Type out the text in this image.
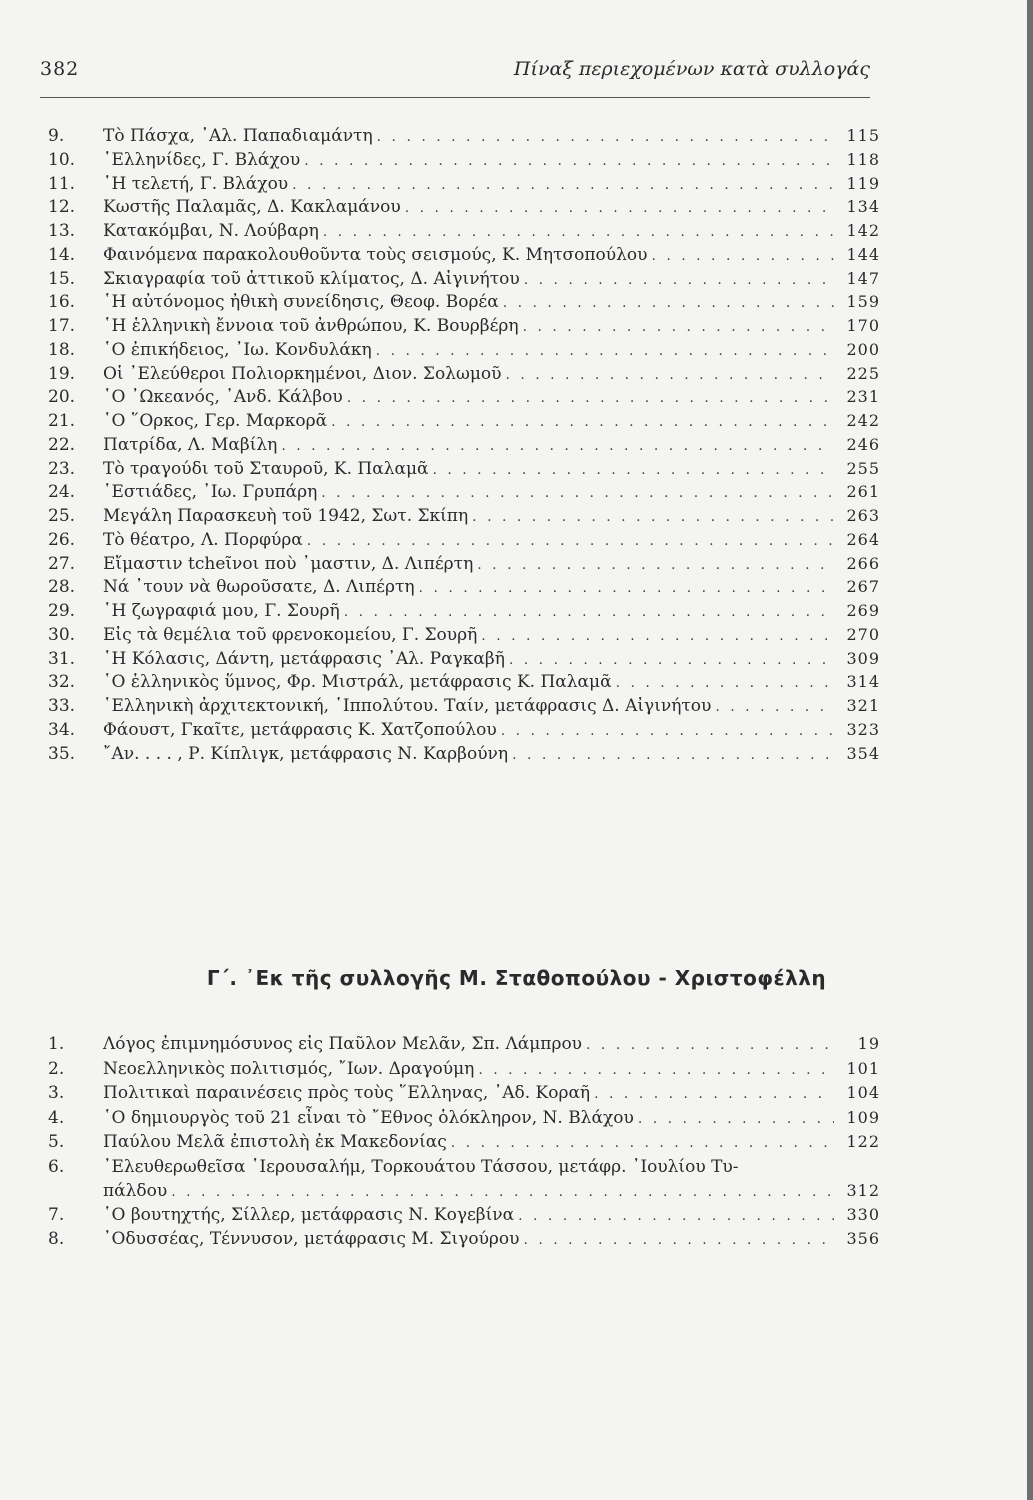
382	Πίναξ περιεχομένων κατὰ συλλογάς
9.	Τὸ Πάσχα, ᾿Αλ. Παπαδιαμάντη . . .	115
10.	῾Ελληνίδες, Γ. Βλάχου . . .	118
11.	῾Η τελετή, Γ. Βλάχου . . .	119
12.	Κωστῆς Παλαμᾶς, Δ. Κακλαμάνου . . .	134
13.	Κατακόμβαι, Ν. Λούβαρη . . .	142
14.	Φαινόμενα παρακολουθοῦντα τοὺς σεισμούς, Κ. Μητσοπούλου . . .	144
15.	Σκιαγραφία τοῦ ἀττικοῦ κλίματος, Δ. Αἰγινήτου . . .	147
16.	῾Η αὐτόνομος ἠθικὴ συνείδησις, Θεοφ. Βορέα . . .	159
17.	῾Η ἑλληνικὴ ἔννοια τοῦ ἀνθρώπου, Κ. Βουρβέρη . . .	170
18.	῾Ο ἐπικήδειος, ᾿Ιω. Κονδυλάκη . . .	200
19.	Οἱ ᾿Ελεύθεροι Πολιορκημένοι, Διον. Σολωμοῦ . . .	225
20.	῾Ο ᾿Ωκεανός, ᾿Ανδ. Κάλβου . . .	231
21.	῾Ο ῞Ορκος, Γερ. Μαρκορᾶ . . .	242
22.	Πατρίδα, Λ. Μαβίλη . . .	246
23.	Τὸ τραγούδι τοῦ Σταυροῦ, Κ. Παλαμᾶ . . .	255
24.	῾Εστιάδες, ᾿Ιω. Γρυπάρη . . .	261
25.	Μεγάλη Παρασκευὴ τοῦ 1942, Σωτ. Σκίπη . . .	263
26.	Τὸ θέατρο, Λ. Πορφύρα . . .	264
27.	Εἴμαστιν tcheῖνοι ποὺ ᾿μαστιν, Δ. Λιπέρτη . . .	266
28.	Νά ᾿τουν νὰ θωροῦσατε, Δ. Λιπέρτη . . .	267
29.	῾Η ζωγραφιά μου, Γ. Σουρῆ . . .	269
30.	Εἰς τὰ θεμέλια τοῦ φρενοκομείου, Γ. Σουρῆ . . .	270
31.	῾Η Κόλασις, Δάντη, μετάφρασις ᾿Αλ. Ραγκαβῆ . . .	309
32.	῾Ο ἑλληνικὸς ὕμνος, Φρ. Μιστράλ, μετάφρασις Κ. Παλαμᾶ . . .	314
33.	῾Ελληνικὴ ἀρχιτεκτονική, ῾Ιππολύτου. Ταίν, μετάφρασις Δ. Αἰγινήτου . . .	321
34.	Φάουστ, Γκαῖτε, μετάφρασις Κ. Χατζοπούλου . . .	323
35.	῎Αν. . . . , Ρ. Κίπλιγκ, μετάφρασις Ν. Καρβούνη . . .	354
Γ΄. ᾿Εκ τῆς συλλογῆς Μ. Σταθοπούλου - Χριστοφέλλη
1.	Λόγος ἐπιμνημόσυνος εἰς Παῦλον Μελᾶν, Σπ. Λάμπρου . . .	19
2.	Νεοελληνικὸς πολιτισμός, ῎Ιων. Δραγούμη . . .	101
3.	Πολιτικαὶ παραινέσεις πρὸς τοὺς ῞Ελληνας, ᾿Αδ. Κοραῆ . . .	104
4.	῾Ο δημιουργὸς τοῦ 21 εἶναι τὸ ῎Εθνος ὁλόκληρον, Ν. Βλάχου . . .	109
5.	Παύλου Μελᾶ ἐπιστολὴ ἐκ Μακεδονίας . . .	122
6.	᾿Ελευθερωθεῖσα ῾Ιερουσαλήμ, Τορκουάτου Τάσσου, μετάφρ. ᾿Ιουλίου Τυ-
πάλδου . . .	312
7.	῾Ο βουτηχτής, Σίλλερ, μετάφρασις Ν. Κογεβίνα . . .	330
8.	᾿Οδυσσέας, Τέννυσον, μετάφρασις Μ. Σιγούρου . . .	356
